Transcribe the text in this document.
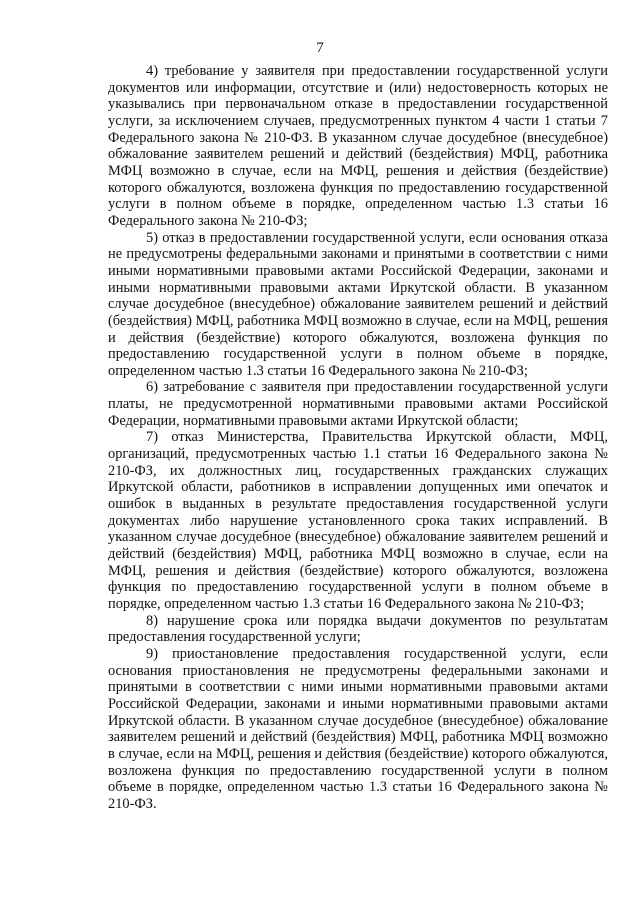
7

4) требование у заявителя при предоставлении государственной услуги документов или информации, отсутствие и (или) недостоверность которых не указывались при первоначальном отказе в предоставлении государственной услуги, за исключением случаев, предусмотренных пунктом 4 части 1 статьи 7 Федерального закона № 210-ФЗ. В указанном случае досудебное (внесудебное) обжалование заявителем решений и действий (бездействия) МФЦ, работника МФЦ возможно в случае, если на МФЦ, решения и действия (бездействие) которого обжалуются, возложена функция по предоставлению государственной услуги в полном объеме в порядке, определенном частью 1.3 статьи 16 Федерального закона № 210-ФЗ;

5) отказ в предоставлении государственной услуги, если основания отказа не предусмотрены федеральными законами и принятыми в соответствии с ними иными нормативными правовыми актами Российской Федерации, законами и иными нормативными правовыми актами Иркутской области. В указанном случае досудебное (внесудебное) обжалование заявителем решений и действий (бездействия) МФЦ, работника МФЦ возможно в случае, если на МФЦ, решения и действия (бездействие) которого обжалуются, возложена функция по предоставлению государственной услуги в полном объеме в порядке, определенном частью 1.3 статьи 16 Федерального закона № 210-ФЗ;

6) затребование с заявителя при предоставлении государственной услуги платы, не предусмотренной нормативными правовыми актами Российской Федерации, нормативными правовыми актами Иркутской области;

7) отказ Министерства, Правительства Иркутской области, МФЦ, организаций, предусмотренных частью 1.1 статьи 16 Федерального закона № 210-ФЗ, их должностных лиц, государственных гражданских служащих Иркутской области, работников в исправлении допущенных ими опечаток и ошибок в выданных в результате предоставления государственной услуги документах либо нарушение установленного срока таких исправлений. В указанном случае досудебное (внесудебное) обжалование заявителем решений и действий (бездействия) МФЦ, работника МФЦ возможно в случае, если на МФЦ, решения и действия (бездействие) которого обжалуются, возложена функция по предоставлению государственной услуги в полном объеме в порядке, определенном частью 1.3 статьи 16 Федерального закона № 210-ФЗ;

8) нарушение срока или порядка выдачи документов по результатам предоставления государственной услуги;

9) приостановление предоставления государственной услуги, если основания приостановления не предусмотрены федеральными законами и принятыми в соответствии с ними иными нормативными правовыми актами Российской Федерации, законами и иными нормативными правовыми актами Иркутской области. В указанном случае досудебное (внесудебное) обжалование заявителем решений и действий (бездействия) МФЦ, работника МФЦ возможно в случае, если на МФЦ, решения и действия (бездействие) которого обжалуются, возложена функция по предоставлению государственной услуги в полном объеме в порядке, определенном частью 1.3 статьи 16 Федерального закона № 210-ФЗ.
